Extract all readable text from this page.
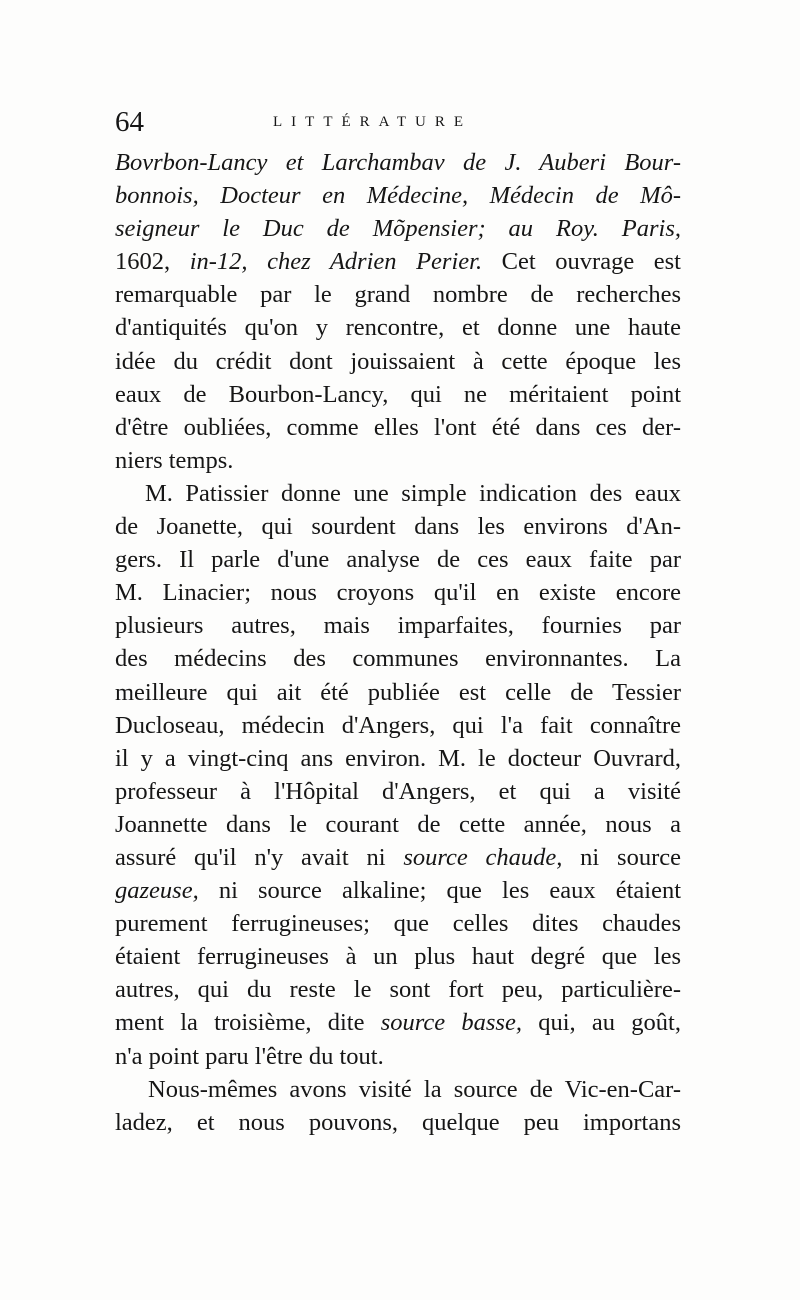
64	LITTÉRATURE
Bovrbon-Lancy et Larchambav de J. Auberi Bour-
bonnois, Docteur en Médecine, Médecin de Mô-
seigneur le Duc de Mõpensier; au Roy. Paris,
1602, in-12, chez Adrien Perier. Cet ouvrage est
remarquable par le grand nombre de recherches
d'antiquités qu'on y rencontre, et donne une haute
idée du crédit dont jouissaient à cette époque les
eaux de Bourbon-Lancy, qui ne méritaient point
d'être oubliées, comme elles l'ont été dans ces der-
niers temps.
M. Patissier donne une simple indication des eaux
de Joanette, qui sourdent dans les environs d'An-
gers. Il parle d'une analyse de ces eaux faite par
M. Linacier; nous croyons qu'il en existe encore
plusieurs autres, mais imparfaites, fournies par
des médecins des communes environnantes. La
meilleure qui ait été publiée est celle de Tessier
Ducloseau, médecin d'Angers, qui l'a fait connaître
il y a vingt-cinq ans environ. M. le docteur Ouvrard,
professeur à l'Hôpital d'Angers, et qui a visité
Joannette dans le courant de cette année, nous a
assuré qu'il n'y avait ni source chaude, ni source
gazeuse, ni source alkaline; que les eaux étaient
purement ferrugineuses; que celles dites chaudes
étaient ferrugineuses à un plus haut degré que les
autres, qui du reste le sont fort peu, particulière-
ment la troisième, dite source basse, qui, au goût,
n'a point paru l'être du tout.
Nous-mêmes avons visité la source de Vic-en-Car-
ladez, et nous pouvons, quelque peu importans
